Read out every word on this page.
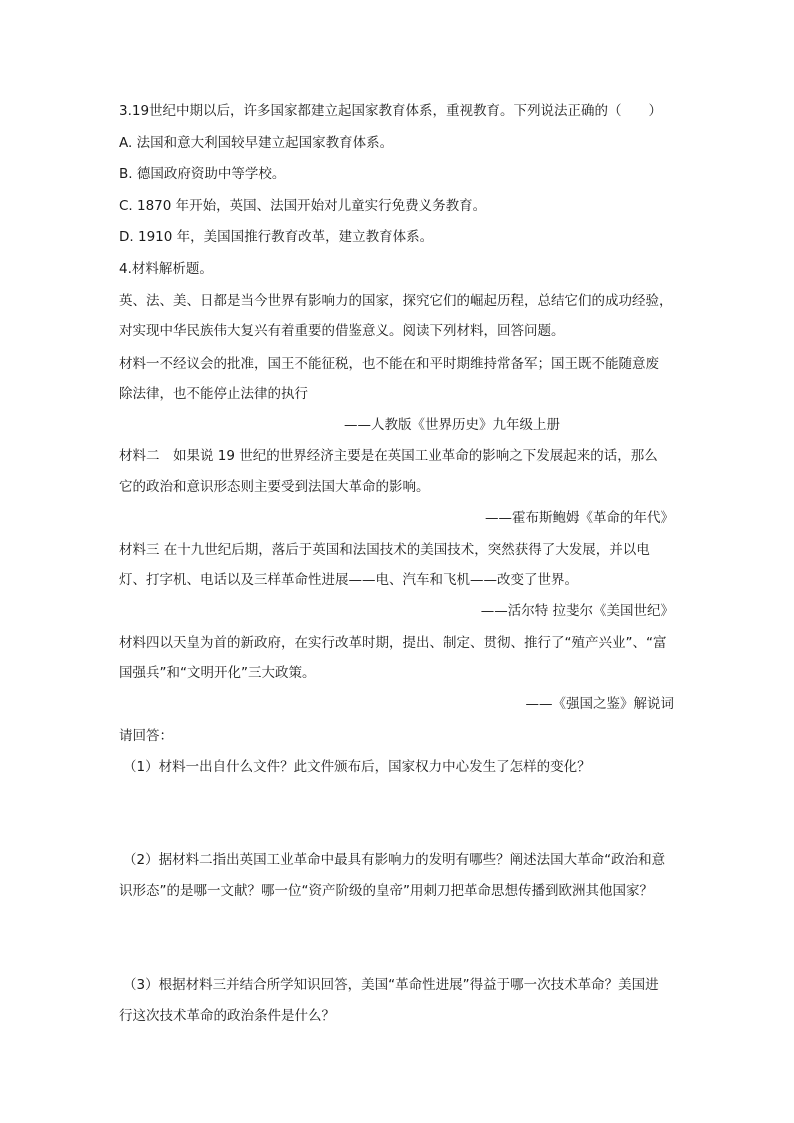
3.19世纪中期以后，许多国家都建立起国家教育体系，重视教育。下列说法正确的（　　）
A. 法国和意大利国较早建立起国家教育体系。
B. 德国政府资助中等学校。
C. 1870 年开始，英国、法国开始对儿童实行免费义务教育。
D. 1910 年，美国国推行教育改革，建立教育体系。
4.材料解析题。
英、法、美、日都是当今世界有影响力的国家，探究它们的崛起历程，总结它们的成功经验，
对实现中华民族伟大复兴有着重要的借鉴意义。阅读下列材料，回答问题。
材料一不经议会的批准，国王不能征税，也不能在和平时期维持常备军；国王既不能随意废
除法律，也不能停止法律的执行
——人教版《世界历史》九年级上册
材料二　如果说 19 世纪的世界经济主要是在英国工业革命的影响之下发展起来的话，那么
它的政治和意识形态则主要受到法国大革命的影响。
——霍布斯鲍姆《革命的年代》
材料三 在十九世纪后期，落后于英国和法国技术的美国技术，突然获得了大发展，并以电
灯、打字机、电话以及三样革命性进展——电、汽车和飞机——改变了世界。
——活尔特 拉斐尔《美国世纪》
材料四以天皇为首的新政府，在实行改革时期，提出、制定、贯彻、推行了“殖产兴业”、“富
国强兵”和“文明开化”三大政策。
——《强国之鉴》解说词
请回答：
（1）材料一出自什么文件？此文件颁布后，国家权力中心发生了怎样的变化？
（2）据材料二指出英国工业革命中最具有影响力的发明有哪些？阐述法国大革命“政治和意
识形态”的是哪一文献？哪一位“资产阶级的皇帝”用刺刀把革命思想传播到欧洲其他国家？
（3）根据材料三并结合所学知识回答，美国“革命性进展”得益于哪一次技术革命？美国进
行这次技术革命的政治条件是什么？
